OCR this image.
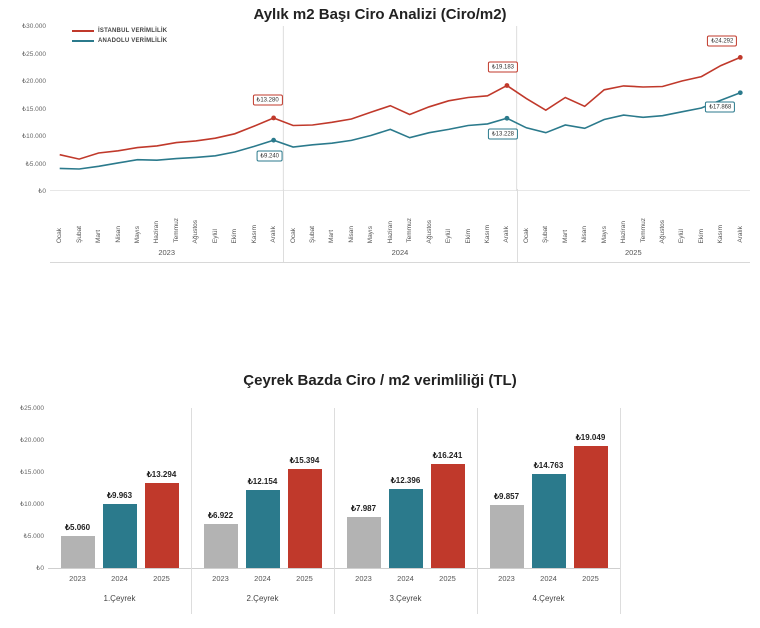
Aylık m2 Başı Ciro Analizi (Ciro/m2)
İSTANBUL VERİMLİLİK
ANADOLU VERİMLİLİK
₺0
₺5.000
₺10.000
₺15.000
₺20.000
₺25.000
₺30.000
₺13.280
₺9.240
₺19.183
₺13.228
₺24.292
₺17.868
Ocak Şubat Mart Nisan Mayıs Haziran Temmuz Ağustos Eylül Ekim Kasım Aralık Ocak Şubat Mart Nisan Mayıs Haziran Temmuz Ağustos Eylül Ekim Kasım Aralık Ocak Şubat Mart Nisan Mayıs Haziran Temmuz Ağustos Eylül Ekim Kasım Aralık
2023	2024	2025
Çeyrek Bazda Ciro / m2 verimliliği (TL)
₺0
₺5.000
₺10.000
₺15.000
₺20.000
₺25.000
₺5.060
₺9.963
₺13.294
₺6.922
₺12.154
₺15.394
₺7.987
₺12.396
₺16.241
₺9.857
₺14.763
₺19.049
2023	2024	2025
1.Çeyrek
2023	2024	2025
2.Çeyrek
2023	2024	2025
3.Çeyrek
2023	2024	2025
4.Çeyrek
